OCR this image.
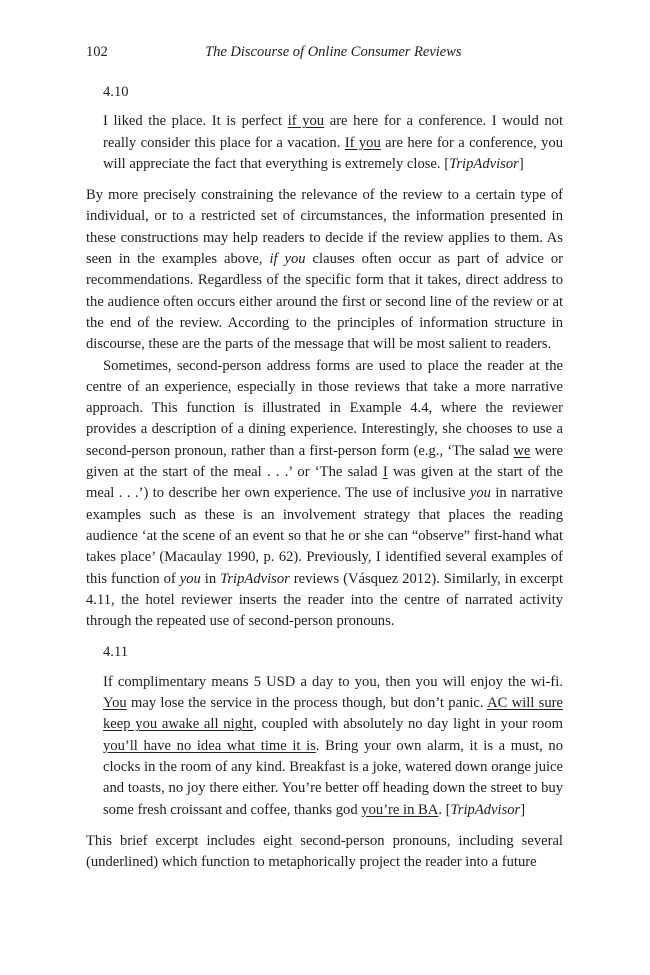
102	The Discourse of Online Consumer Reviews

4.10

I liked the place. It is perfect if you are here for a conference. I would not really consider this place for a vacation. If you are here for a conference, you will appreciate the fact that everything is extremely close. [TripAdvisor]

By more precisely constraining the relevance of the review to a certain type of individual, or to a restricted set of circumstances, the information presented in these constructions may help readers to decide if the review applies to them. As seen in the examples above, if you clauses often occur as part of advice or recommendations. Regardless of the specific form that it takes, direct address to the audience often occurs either around the first or second line of the review or at the end of the review. According to the principles of information structure in discourse, these are the parts of the message that will be most salient to readers.

Sometimes, second-person address forms are used to place the reader at the centre of an experience, especially in those reviews that take a more narrative approach. This function is illustrated in Example 4.4, where the reviewer provides a description of a dining experience. Interestingly, she chooses to use a second-person pronoun, rather than a first-person form (e.g., ‘The salad we were given at the start of the meal . . .’ or ‘The salad I was given at the start of the meal . . .’) to describe her own experience. The use of inclusive you in narrative examples such as these is an involvement strategy that places the reading audience ‘at the scene of an event so that he or she can “observe” first-hand what takes place’ (Macaulay 1990, p. 62). Previously, I identified several examples of this function of you in TripAdvisor reviews (Vásquez 2012). Similarly, in excerpt 4.11, the hotel reviewer inserts the reader into the centre of narrated activity through the repeated use of second-person pronouns.

4.11

If complimentary means 5 USD a day to you, then you will enjoy the wi-fi. You may lose the service in the process though, but don’t panic. AC will sure keep you awake all night, coupled with absolutely no day light in your room you’ll have no idea what time it is. Bring your own alarm, it is a must, no clocks in the room of any kind. Breakfast is a joke, watered down orange juice and toasts, no joy there either. You’re better off heading down the street to buy some fresh croissant and coffee, thanks god you’re in BA. [TripAdvisor]

This brief excerpt includes eight second-person pronouns, including several (underlined) which function to metaphorically project the reader into a future
